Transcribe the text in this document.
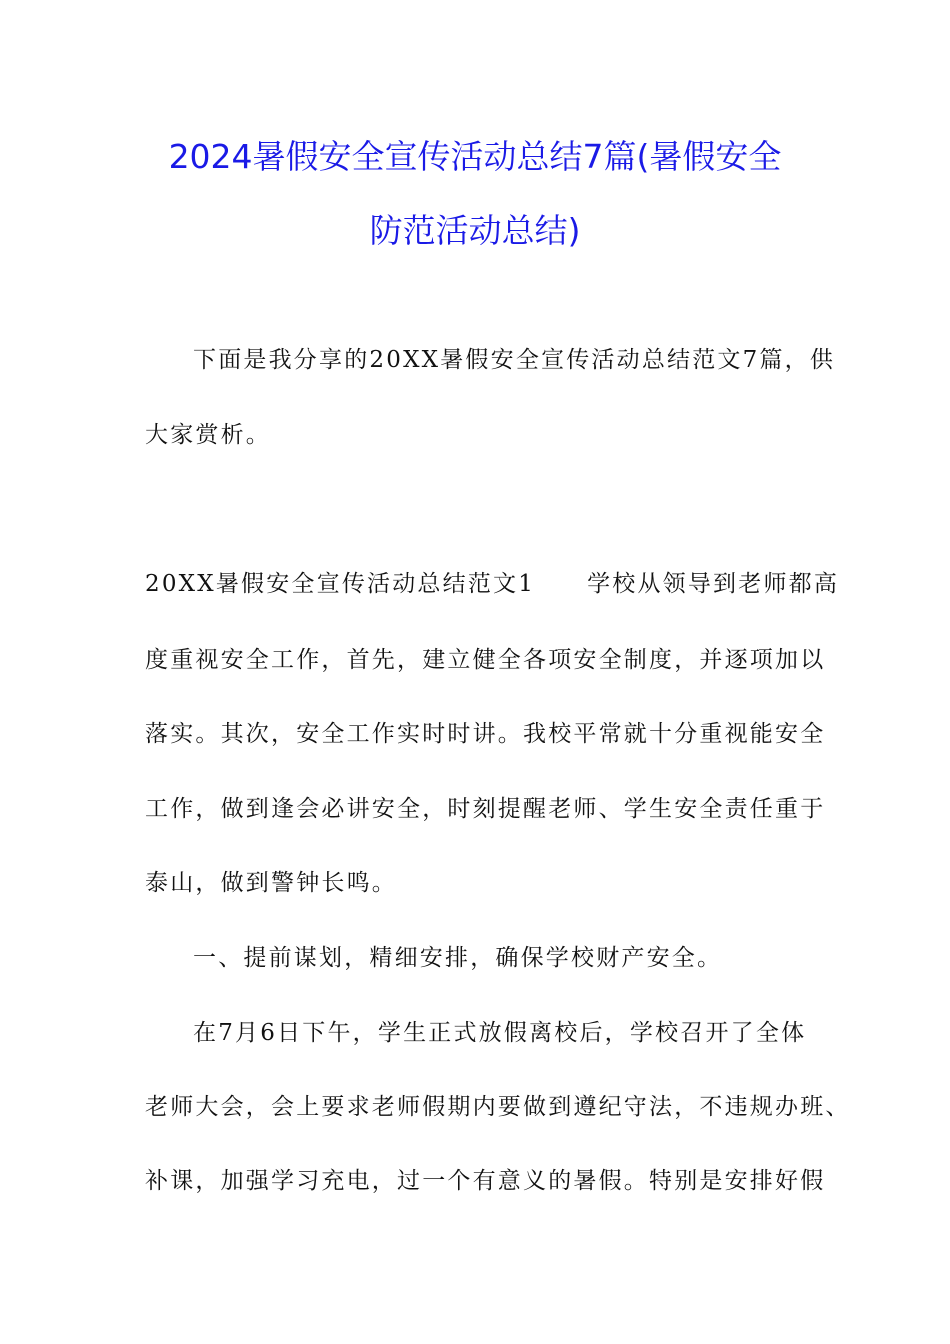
2024暑假安全宣传活动总结7篇(暑假安全
防范活动总结)
下面是我分享的20XX暑假安全宣传活动总结范文7篇，供
大家赏析。
20XX暑假安全宣传活动总结范文1 学校从领导到老师都高
度重视安全工作，首先，建立健全各项安全制度，并逐项加以
落实。其次，安全工作实时时讲。我校平常就十分重视能安全
工作，做到逢会必讲安全，时刻提醒老师、学生安全责任重于
泰山，做到警钟长鸣。
一、提前谋划，精细安排，确保学校财产安全。
在7月6日下午，学生正式放假离校后，学校召开了全体
老师大会，会上要求老师假期内要做到遵纪守法，不违规办班、
补课，加强学习充电，过一个有意义的暑假。特别是安排好假
